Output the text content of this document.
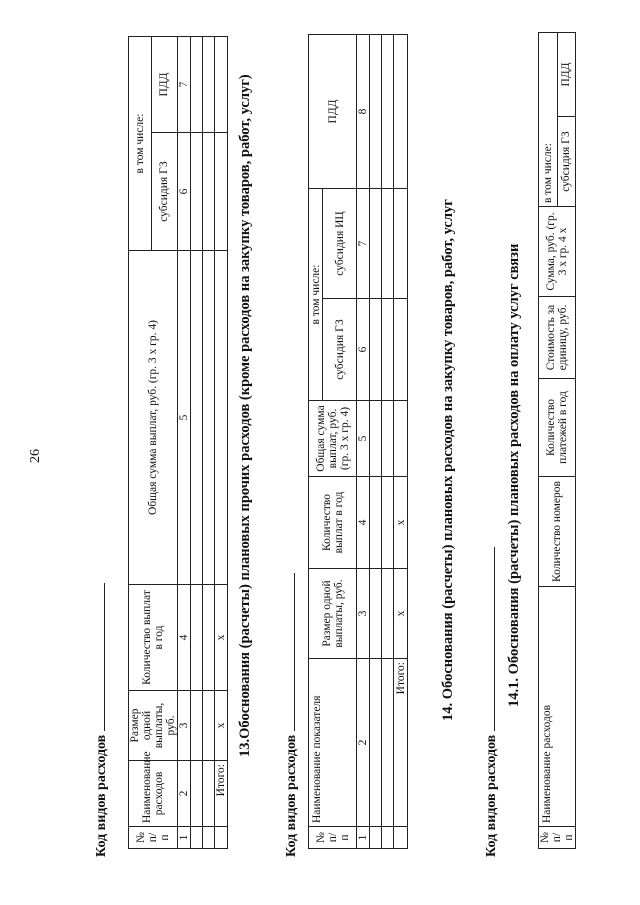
26
Код видов расходов № п/п	Наименование расходов	Размер одной выплаты, руб.	Количество выплат в год	Общая сумма выплат, руб. (гр. 3 х гр. 4)	в том числе:	
					субсидия ГЗ	ПДД
1	2	3	4	5	6	7

	Итого:	х	х			13.Обоснования (расчеты) плановых прочих расходов (кроме расходов на закупку товаров, работ, услуг)
Код видов расходов № п/п	Наименование показателя	Размер одной выплаты, руб.	Количество выплат в год	Общая сумма выплат, руб. (гр. 3 х гр. 4)	в том числе:		ПДД
					субсидия ГЗ	субсидия ИЦ	
1	2	3	4	5	6	7	8

	Итого:	х	х				14. Обоснования (расчеты) плановых расходов на закупку товаров, работ, услуг
Код видов расходов
14.1. Обоснования (расчеты) плановых расходов на оплату услуг связи
№ п/п	Наименование расходов	Количество номеров	Количество платежей в год	Стоимость за единицу, руб.	Сумма, руб. (гр. 3 х гр. 4 х	в том числе:	
						субсидия ГЗ	ПДД
